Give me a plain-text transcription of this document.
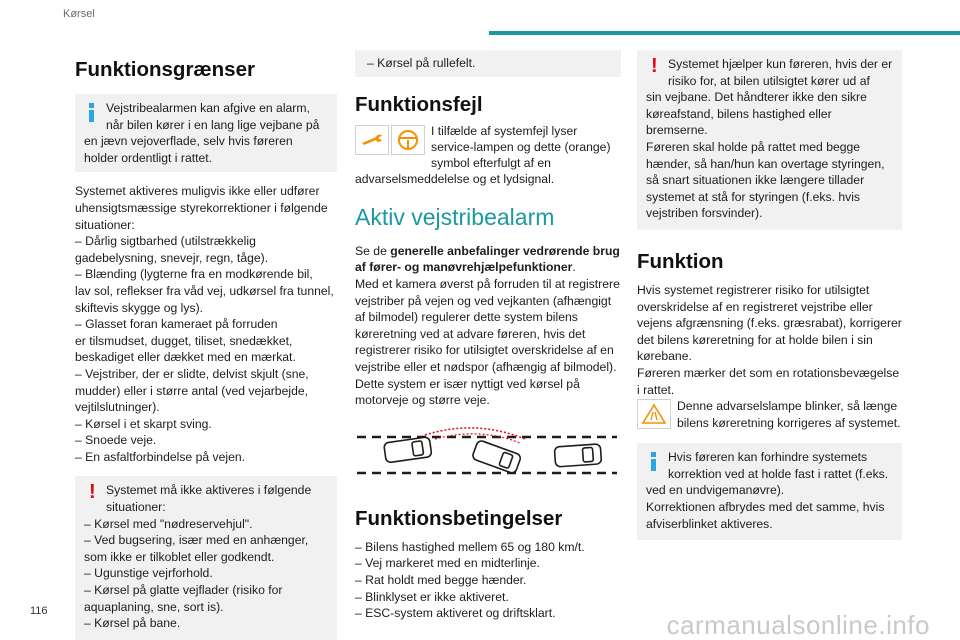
Kørsel
Funktionsgrænser
Vejstribealarmen kan afgive en alarm, når bilen kører i en lang lige vejbane på
en jævn vejoverflade, selv hvis føreren holder ordentligt i rattet.
Systemet aktiveres muligvis ikke eller udfører
uhensigtsmæssige styrekorrektioner i følgende
situationer:
– Dårlig sigtbarhed (utilstrækkelig
gadebelysning, snevejr, regn, tåge).
– Blænding (lygterne fra en modkørende bil,
lav sol, reflekser fra våd vej, udkørsel fra tunnel,
skiftevis skygge og lys).
– Glasset foran kameraet på forruden
er tilsmudset, dugget, tiliset, snedækket,
beskadiget eller dækket med en mærkat.
– Vejstriber, der er slidte, delvist skjult (sne,
mudder) eller i større antal (ved vejarbejde,
vejtilslutninger).
– Kørsel i et skarpt sving.
– Snoede veje.
– En asfaltforbindelse på vejen.
! Systemet må ikke aktiveres i følgende situationer:
– Kørsel med "nødreservehjul".
– Ved bugsering, især med en anhænger,
som ikke er tilkoblet eller godkendt.
– Ugunstige vejrforhold.
– Kørsel på glatte vejflader (risiko for
aquaplaning, sne, sort is).
– Kørsel på bane.
– Kørsel på rullefelt.
Funktionsfejl
I tilfælde af systemfejl lyser service-lampen og dette (orange)
symbol efterfulgt af en advarselsmeddelelse og et lydsignal.
Aktiv vejstribealarm
Se de generelle anbefalinger vedrørende brug af fører- og manøvrehjælpefunktioner.
Med et kamera øverst på forruden til at registrere
vejstriber på vejen og ved vejkanten (afhængigt
af bilmodel) regulerer dette system bilens
køreretning ved at advare føreren, hvis det
registrerer risiko for utilsigtet overskridelse af en
vejstribe eller et nødspor (afhængig af bilmodel).
Dette system er især nyttigt ved kørsel på
motorveje og større veje.
Funktionsbetingelser
– Bilens hastighed mellem 65 og 180 km/t.
– Vej markeret med en midterlinje.
– Rat holdt med begge hænder.
– Blinklyset er ikke aktiveret.
– ESC-system aktiveret og driftsklart.
! Systemet hjælper kun føreren, hvis der er risiko for, at bilen utilsigtet kører ud af
sin vejbane. Det håndterer ikke den sikre
køreafstand, bilens hastighed eller
bremserne.
Føreren skal holde på rattet med begge
hænder, så han/hun kan overtage styringen,
så snart situationen ikke længere tillader
systemet at stå for styringen (f.eks. hvis
vejstriben forsvinder).
Funktion
Hvis systemet registrerer risiko for utilsigtet
overskridelse af en registreret vejstribe eller
vejens afgrænsning (f.eks. græsrabat), korrigerer
det bilens køreretning for at holde bilen i sin
kørebane.
Føreren mærker det som en rotationsbevægelse
i rattet.
Denne advarselslampe blinker, så længe bilens køreretning korrigeres af systemet.
Hvis føreren kan forhindre systemets korrektion ved at holde fast i rattet (f.eks.
ved en undvigemanøvre).
Korrektionen afbrydes med det samme, hvis
afviserblinket aktiveres.
116	carmanualsonline.info
